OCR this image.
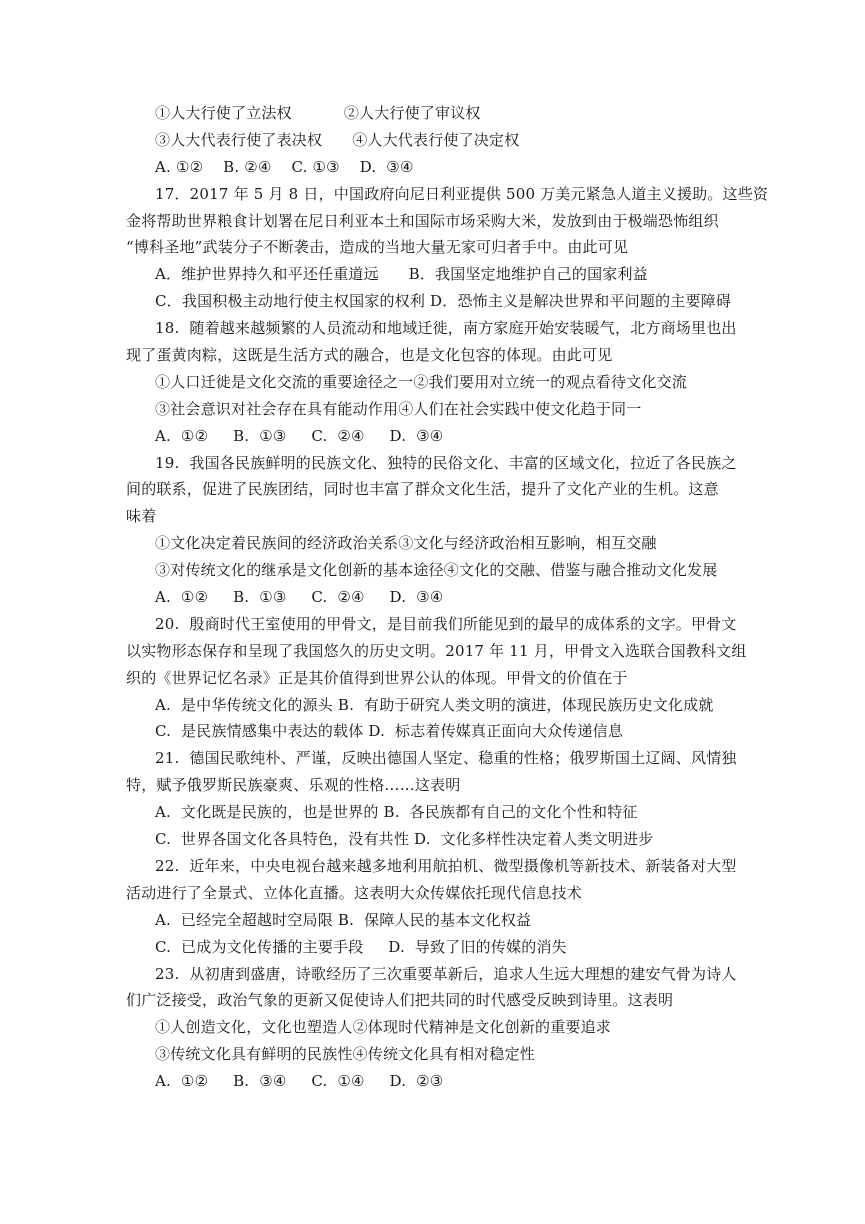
①人大行使了立法权	②人大行使了审议权
③人大代表行使了表决权 ④人大代表行使了决定权
A. ①②    B. ②④    C. ①③    D.  ③④
17．2017 年 5 月 8 日，中国政府向尼日利亚提供 500 万美元紧急人道主义援助。这些资
金将帮助世界粮食计划署在尼日利亚本土和国际市场采购大米，发放到由于极端恐怖组织
“博科圣地”武装分子不断袭击，造成的当地大量无家可归者手中。由此可见
A．维护世界持久和平还任重道远      B．我国坚定地维护自己的国家利益
C．我国积极主动地行使主权国家的权利 D．恐怖主义是解决世界和平问题的主要障碍
18.  随着越来越频繁的人员流动和地域迁徙，南方家庭开始安装暖气，北方商场里也出
现了蛋黄肉粽，这既是生活方式的融合，也是文化包容的体现。由此可见
①人口迁徙是文化交流的重要途径之一②我们要用对立统一的观点看待文化交流
③社会意识对社会存在具有能动作用④人们在社会实践中使文化趋于同一
A.  ①②     B.  ①③     C.  ②④     D.  ③④
19.  我国各民族鲜明的民族文化、独特的民俗文化、丰富的区域文化，拉近了各民族之
间的联系，促进了民族团结，同时也丰富了群众文化生活，提升了文化产业的生机。这意
味着
①文化决定着民族间的经济政治关系③文化与经济政治相互影响，相互交融
③对传统文化的继承是文化创新的基本途径④文化的交融、借鉴与融合推动文化发展
A.  ①②     B.  ①③     C.  ②④     D.  ③④
20.  殷商时代王室使用的甲骨文，是目前我们所能见到的最早的成体系的文字。甲骨文
以实物形态保存和呈现了我国悠久的历史文明。2017 年 11 月，甲骨文入选联合国教科文组
织的《世界记忆名录》正是其价值得到世界公认的体现。甲骨文的价值在于
A.  是中华传统文化的源头 B.  有助于研究人类文明的演进，体现民族历史文化成就
C.  是民族情感集中表达的载体 D.  标志着传媒真正面向大众传递信息
21.  德国民歌纯朴、严谨，反映出德国人坚定、稳重的性格；俄罗斯国土辽阔、风情独
特，赋予俄罗斯民族豪爽、乐观的性格……这表明
A.  文化既是民族的，也是世界的 B.  各民族都有自己的文化个性和特征
C.  世界各国文化各具特色，没有共性 D.  文化多样性决定着人类文明进步
22.  近年来，中央电视台越来越多地利用航拍机、微型摄像机等新技术、新装备对大型
活动进行了全景式、立体化直播。这表明大众传媒依托现代信息技术
A.  已经完全超越时空局限 B.  保障人民的基本文化权益
C.  已成为文化传播的主要手段     D.  导致了旧的传媒的消失
23.  从初唐到盛唐，诗歌经历了三次重要革新后，追求人生远大理想的建安气骨为诗人
们广泛接受，政治气象的更新又促使诗人们把共同的时代感受反映到诗里。这表明
①人创造文化，文化也塑造人②体现时代精神是文化创新的重要追求
③传统文化具有鲜明的民族性④传统文化具有相对稳定性
A.  ①②     B.  ③④     C.  ①④     D.  ②③
